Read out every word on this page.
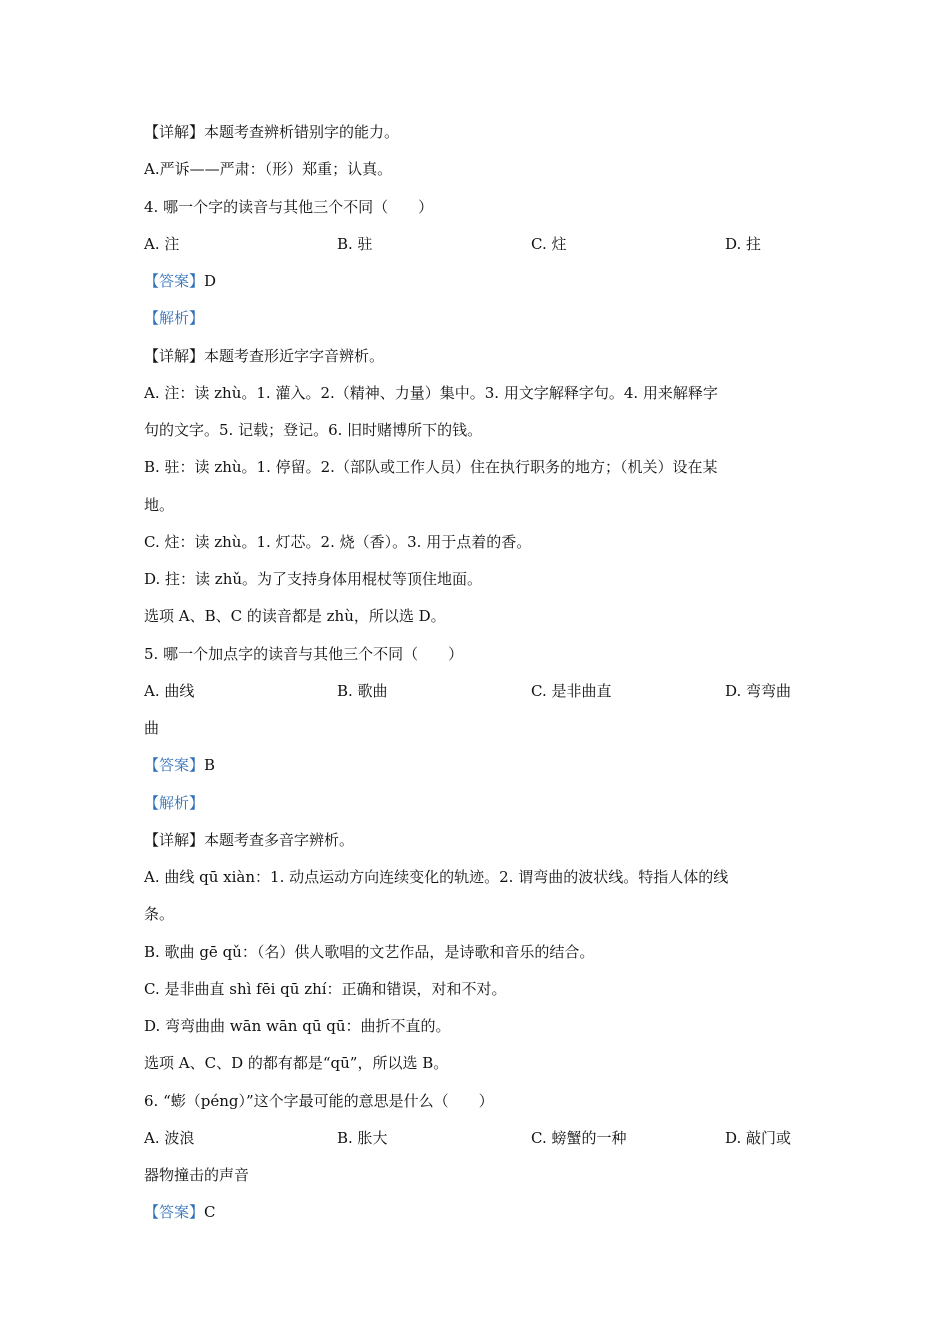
【详解】本题考查辨析错别字的能力。
A.严诉——严肃：（形）郑重；认真。
4. 哪一个字的读音与其他三个不同（　　）
A. 注	B. 驻	C. 炷	D. 拄
【答案】D
【解析】
【详解】本题考查形近字字音辨析。
A. 注：读 zhù。1. 灌入。2.（精神、力量）集中。3. 用文字解释字句。4. 用来解释字
句的文字。5. 记载；登记。6. 旧时赌博所下的钱。
B. 驻：读 zhù。1. 停留。2.（部队或工作人员）住在执行职务的地方；（机关）设在某
地。
C. 炷：读 zhù。1. 灯芯。2. 烧（香）。3. 用于点着的香。
D. 拄：读 zhǔ。为了支持身体用棍杖等顶住地面。
选项 A、B、C 的读音都是 zhù，所以选 D。
5. 哪一个加点字的读音与其他三个不同（　　）
A. 曲线	B. 歌曲	C. 是非曲直	D. 弯弯曲
曲
【答案】B
【解析】
【详解】本题考查多音字辨析。
A. 曲线 qū xiàn：1. 动点运动方向连续变化的轨迹。2. 谓弯曲的波状线。特指人体的线
条。
B. 歌曲 gē qǔ：（名）供人歌唱的文艺作品，是诗歌和音乐的结合。
C. 是非曲直 shì fēi qū zhí：正确和错误，对和不对。
D. 弯弯曲曲 wān wān qū qū：曲折不直的。
选项 A、C、D 的都有都是“qū”，所以选 B。
6. “蟛（péng）”这个字最可能的意思是什么（　　）
A. 波浪	B. 胀大	C. 螃蟹的一种	D. 敲门或
器物撞击的声音
【答案】C
